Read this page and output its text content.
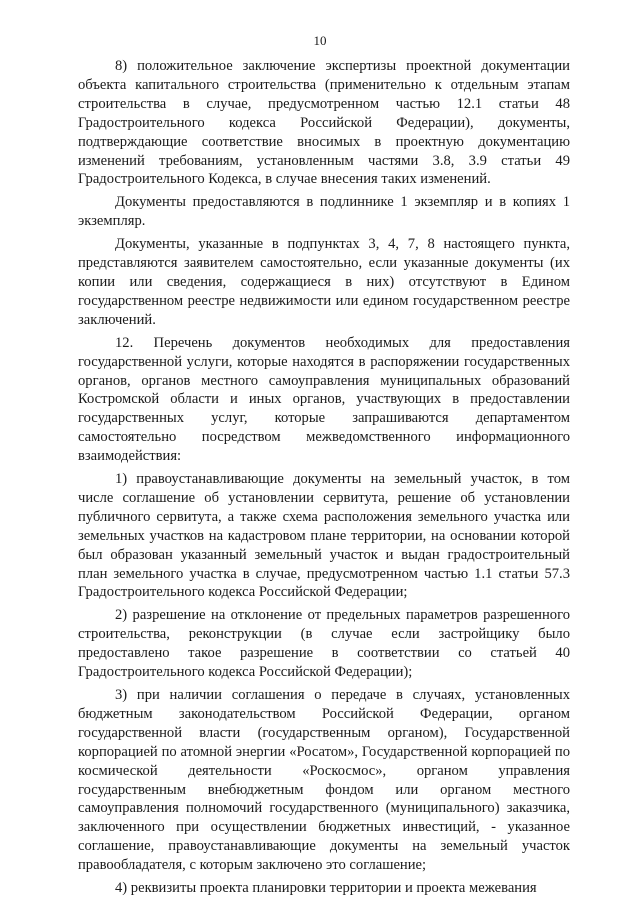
10

8) положительное заключение экспертизы проектной документации объекта капитального строительства (применительно к отдельным этапам строительства в случае, предусмотренном частью 12.1 статьи 48 Градостроительного кодекса Российской Федерации), документы, подтверждающие соответствие вносимых в проектную документацию изменений требованиям, установленным частями 3.8, 3.9 статьи 49 Градостроительного Кодекса, в случае внесения таких изменений.

Документы предоставляются в подлиннике 1 экземпляр и в копиях 1 экземпляр.

Документы, указанные в подпунктах 3, 4, 7, 8 настоящего пункта, представляются заявителем самостоятельно, если указанные документы (их копии или сведения, содержащиеся в них) отсутствуют в Едином государственном реестре недвижимости или едином государственном реестре заключений.

12. Перечень документов необходимых для предоставления государственной услуги, которые находятся в распоряжении государственных органов, органов местного самоуправления муниципальных образований Костромской области и иных органов, участвующих в предоставлении государственных услуг, которые запрашиваются департаментом самостоятельно посредством межведомственного информационного взаимодействия:

1) правоустанавливающие документы на земельный участок, в том числе соглашение об установлении сервитута, решение об установлении публичного сервитута, а также схема расположения земельного участка или земельных участков на кадастровом плане территории, на основании которой был образован указанный земельный участок и выдан градостроительный план земельного участка в случае, предусмотренном частью 1.1 статьи 57.3 Градостроительного кодекса Российской Федерации;

2) разрешение на отклонение от предельных параметров разрешенного строительства, реконструкции (в случае если застройщику было предоставлено такое разрешение в соответствии со статьей 40 Градостроительного кодекса Российской Федерации);

3) при наличии соглашения о передаче в случаях, установленных бюджетным законодательством Российской Федерации, органом государственной власти (государственным органом), Государственной корпорацией по атомной энергии «Росатом», Государственной корпорацией по космической деятельности «Роскосмос», органом управления государственным внебюджетным фондом или органом местного самоуправления полномочий государственного (муниципального) заказчика, заключенного при осуществлении бюджетных инвестиций, - указанное соглашение, правоустанавливающие документы на земельный участок правообладателя, с которым заключено это соглашение;

4) реквизиты проекта планировки территории и проекта межевания
